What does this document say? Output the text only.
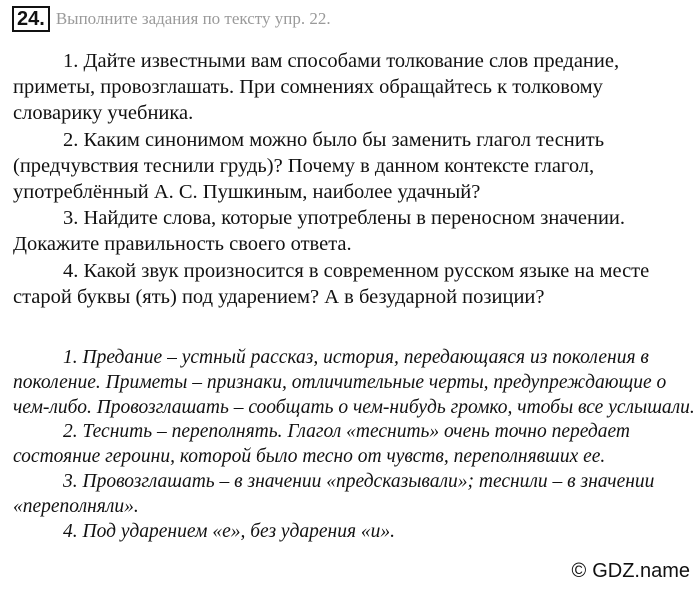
24. Выполните задания по тексту упр. 22.

1. Дайте известными вам способами толкование слов предание, приметы, провозглашать. При сомнениях обращайтесь к толковому словарику учебника.

2. Каким синонимом можно было бы заменить глагол теснить (предчувствия теснили грудь)? Почему в данном контексте глагол, употреблённый А. С. Пушкиным, наиболее удачный?

3. Найдите слова, которые употреблены в переносном значении. Докажите правильность своего ответа.

4. Какой звук произносится в современном русском языке на месте старой буквы (ять) под ударением? А в безударной позиции?

1. Предание – устный рассказ, история, передающаяся из поколения в поколение. Приметы – признаки, отличительные черты, предупреждающие о чем-либо. Провозглашать – сообщать о чем-нибудь громко, чтобы все услышали.

2. Теснить – переполнять. Глагол «теснить» очень точно передает состояние героини, которой было тесно от чувств, переполнявших ее.

3. Провозглашать – в значении «предсказывали»; теснили – в значении «переполняли».

4. Под ударением «е», без ударения «и».

© GDZ.name
